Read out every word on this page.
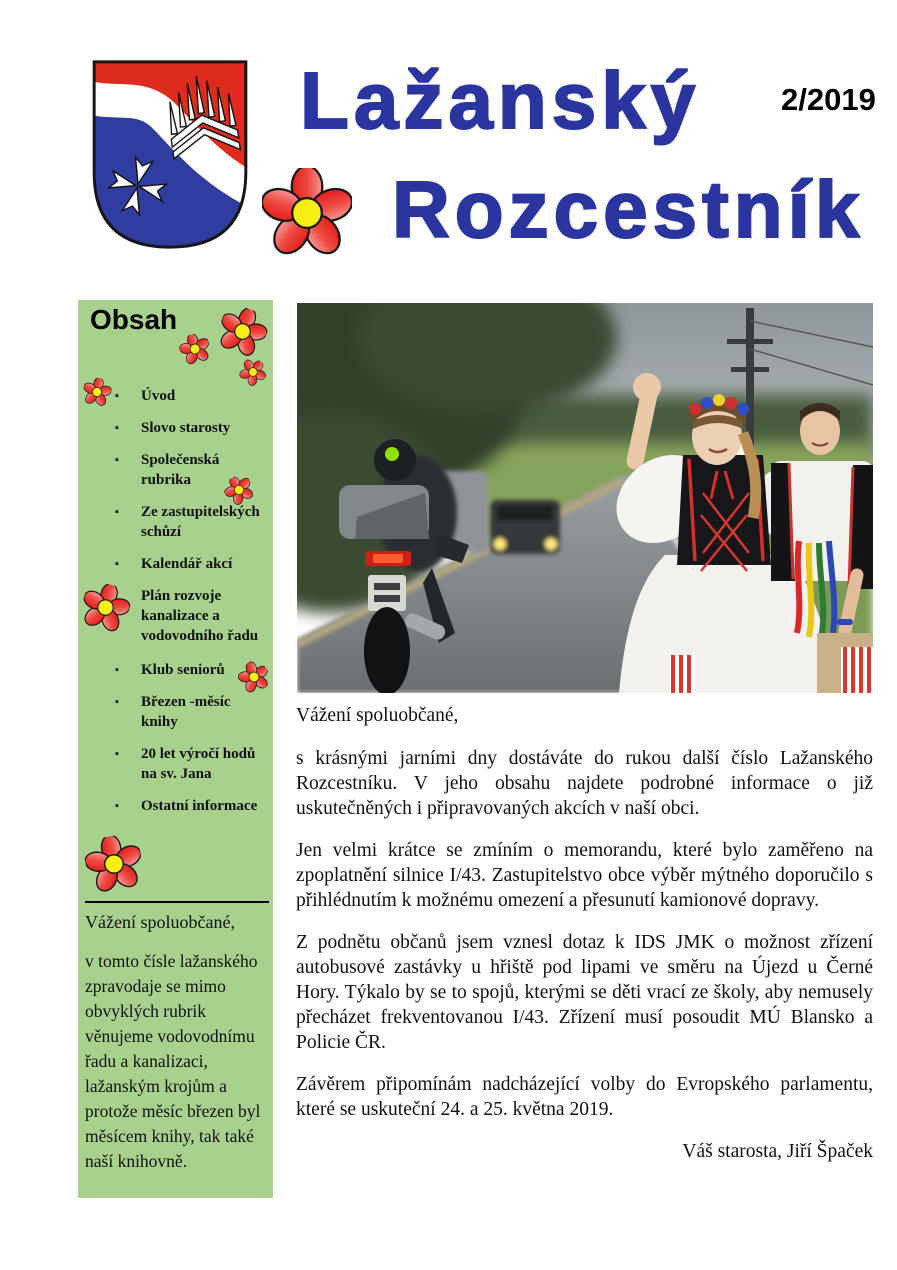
Lažanský	2/2019
Rozcestník
Obsah
▪ Úvod
▪ Slovo starosty
▪ Společenská rubrika
▪ Ze zastupitelských schůzí
▪ Kalendář akcí
Plán rozvoje kanalizace a vodovodního řadu
▪ Klub seniorů
▪ Březen -měsíc knihy
▪ 20 let výročí hodů na sv. Jana
▪ Ostatní informace

Vážení spoluobčané,

v tomto čísle lažanského zpravodaje se mimo obvyklých rubrik věnujeme vodovodnímu řadu a kanalizaci, lažanským krojům a protože měsíc březen byl měsícem knihy, tak také naší knihovně.

Vážení spoluobčané,

s krásnými jarními dny dostáváte do rukou další číslo Lažanského Rozcestníku. V jeho obsahu najdete podrobné informace o již uskutečněných i připravovaných akcích v naší obci.

Jen velmi krátce se zmíním o memorandu, které bylo zaměřeno na zpoplatnění silnice I/43. Zastupitelstvo obce výběr mýtného doporučilo s přihlédnutím k možnému omezení a přesunutí kamionové dopravy.

Z podnětu občanů jsem vznesl dotaz k IDS JMK o možnost zřízení autobusové zastávky u hřiště pod lipami ve směru na Újezd u Černé Hory. Týkalo by se to spojů, kterými se děti vrací ze školy, aby nemusely přecházet frekventovanou I/43. Zřízení musí posoudit MÚ Blansko a Policie ČR.

Závěrem připomínám nadcházející volby do Evropského parlamentu, které se uskuteční 24. a 25. května 2019.

Váš starosta, Jiří Špaček
